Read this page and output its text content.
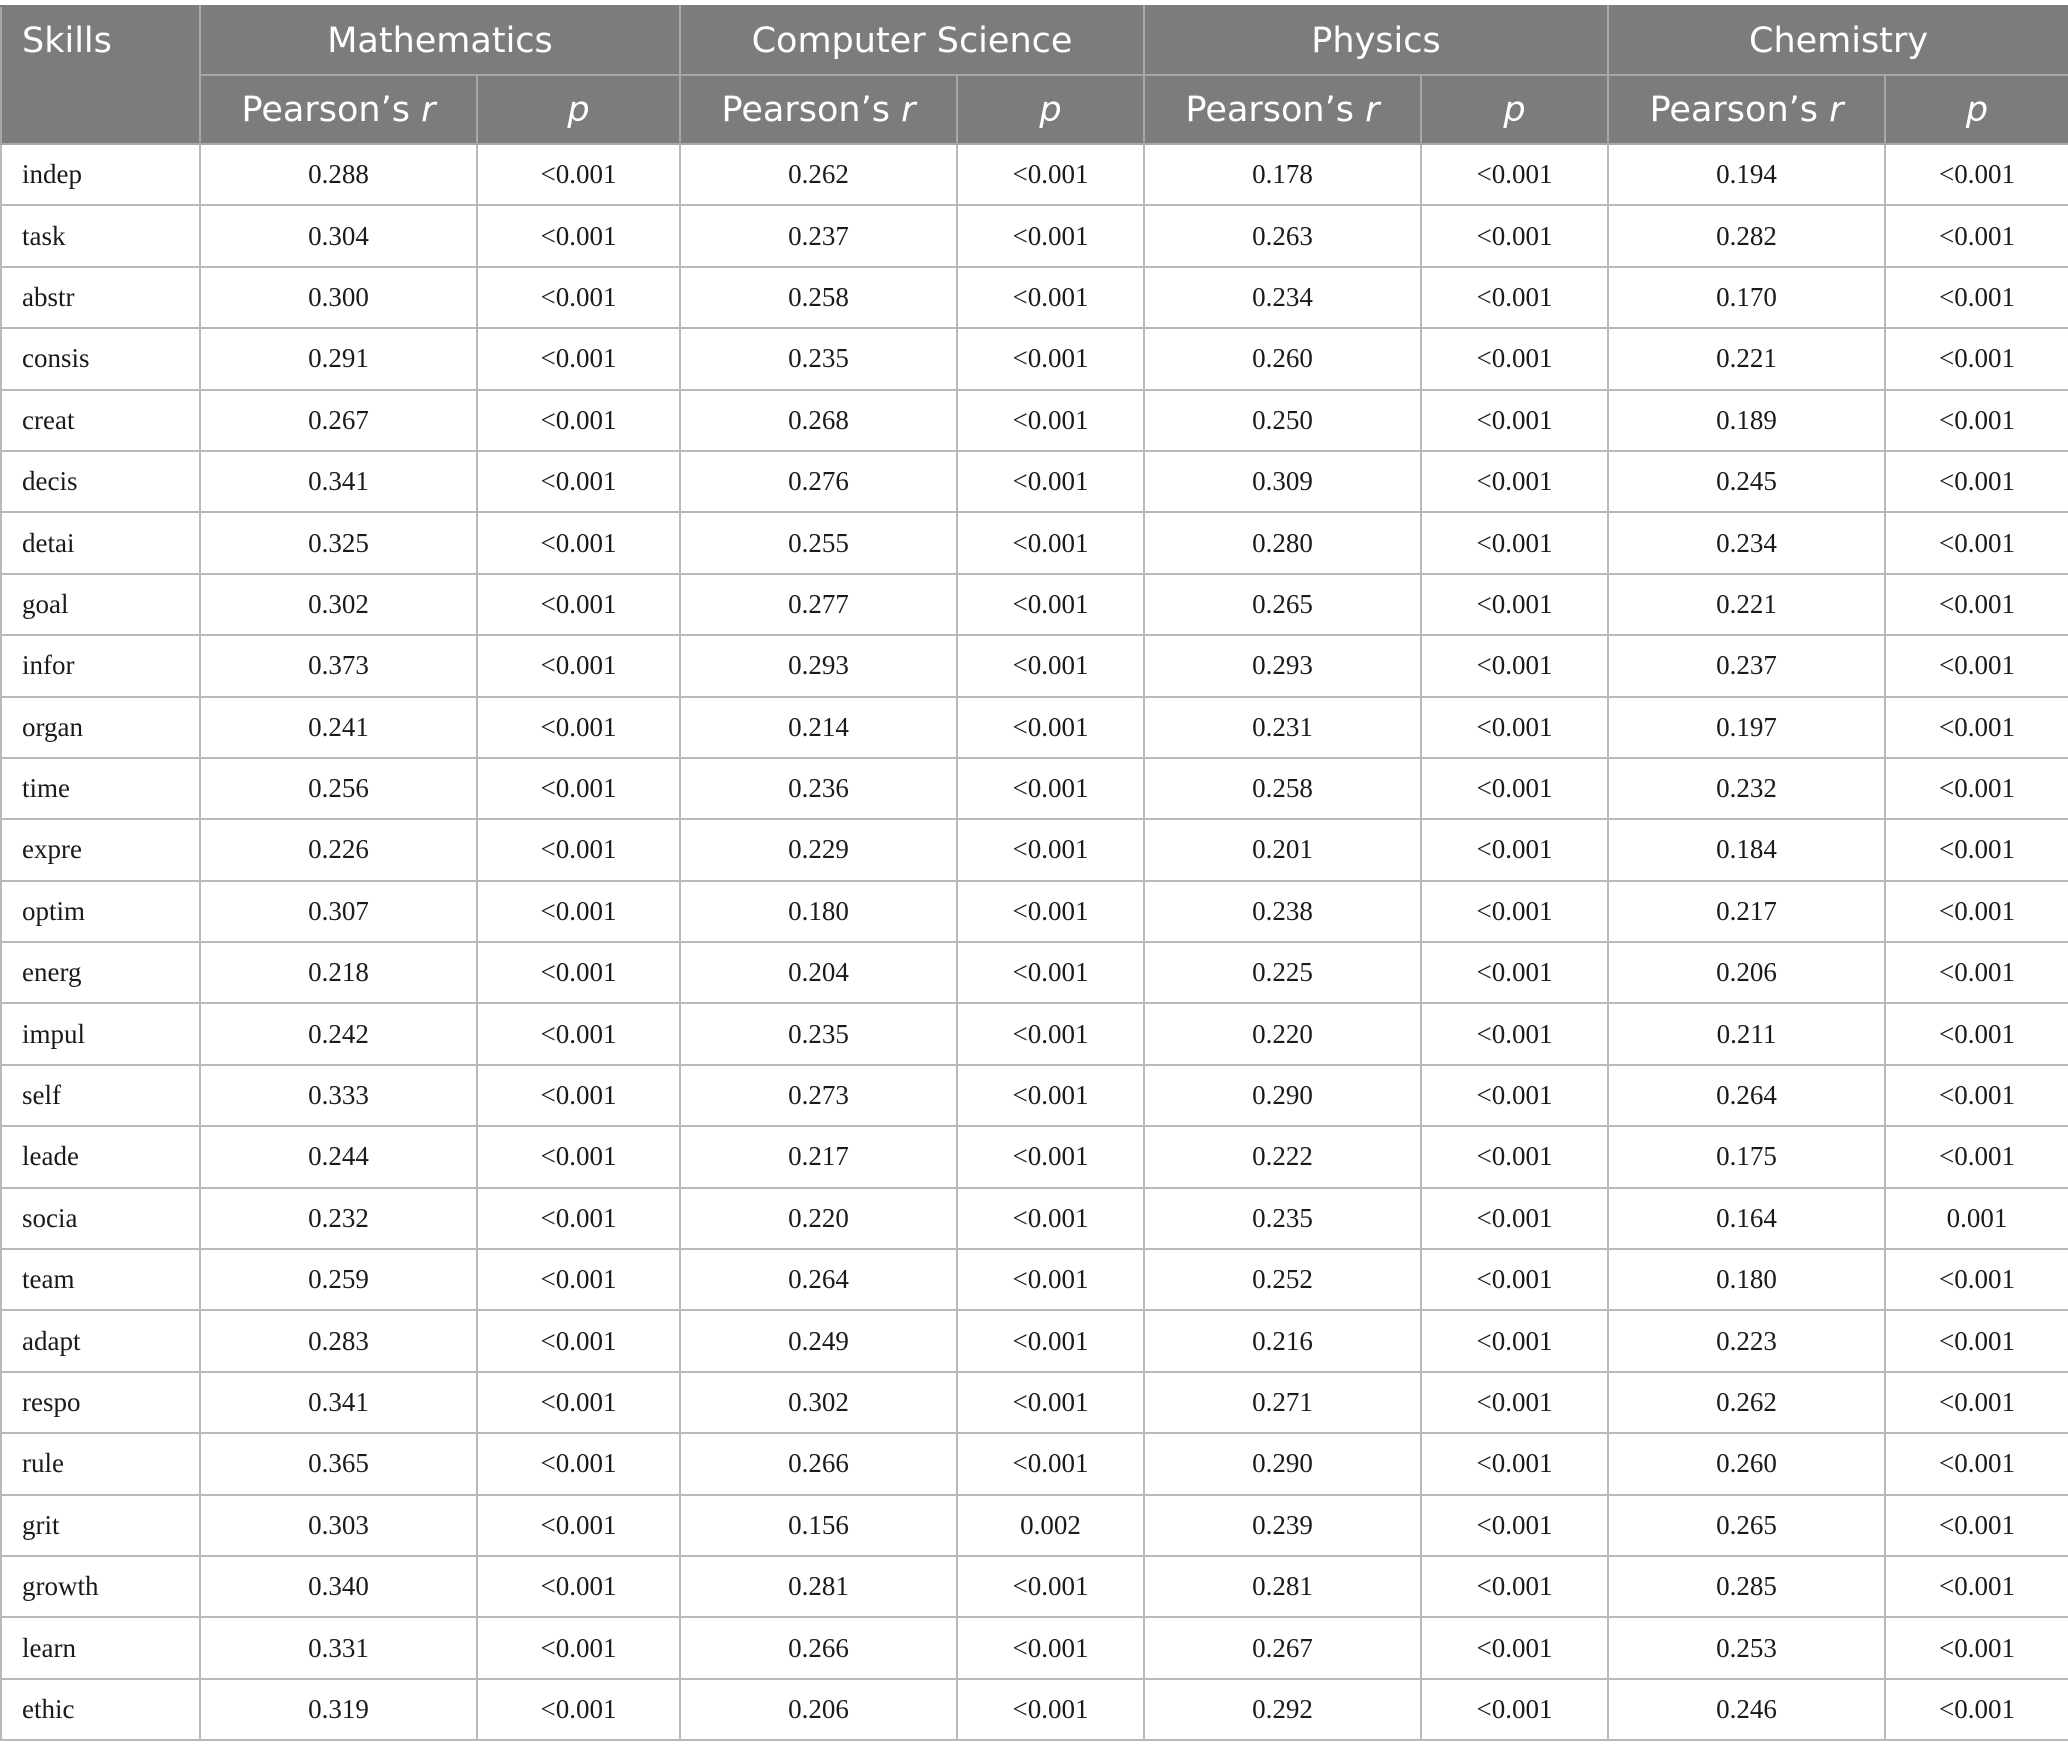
Skills	Mathematics		Computer Science		Physics		Chemistry	
	Pearson’s r	p	Pearson’s r	p	Pearson’s r	p	Pearson’s r	p
indep	0.288	<0.001	0.262	<0.001	0.178	<0.001	0.194	<0.001
task	0.304	<0.001	0.237	<0.001	0.263	<0.001	0.282	<0.001
abstr	0.300	<0.001	0.258	<0.001	0.234	<0.001	0.170	<0.001
consis	0.291	<0.001	0.235	<0.001	0.260	<0.001	0.221	<0.001
creat	0.267	<0.001	0.268	<0.001	0.250	<0.001	0.189	<0.001
decis	0.341	<0.001	0.276	<0.001	0.309	<0.001	0.245	<0.001
detai	0.325	<0.001	0.255	<0.001	0.280	<0.001	0.234	<0.001
goal	0.302	<0.001	0.277	<0.001	0.265	<0.001	0.221	<0.001
infor	0.373	<0.001	0.293	<0.001	0.293	<0.001	0.237	<0.001
organ	0.241	<0.001	0.214	<0.001	0.231	<0.001	0.197	<0.001
time	0.256	<0.001	0.236	<0.001	0.258	<0.001	0.232	<0.001
expre	0.226	<0.001	0.229	<0.001	0.201	<0.001	0.184	<0.001
optim	0.307	<0.001	0.180	<0.001	0.238	<0.001	0.217	<0.001
energ	0.218	<0.001	0.204	<0.001	0.225	<0.001	0.206	<0.001
impul	0.242	<0.001	0.235	<0.001	0.220	<0.001	0.211	<0.001
self	0.333	<0.001	0.273	<0.001	0.290	<0.001	0.264	<0.001
leade	0.244	<0.001	0.217	<0.001	0.222	<0.001	0.175	<0.001
socia	0.232	<0.001	0.220	<0.001	0.235	<0.001	0.164	0.001
team	0.259	<0.001	0.264	<0.001	0.252	<0.001	0.180	<0.001
adapt	0.283	<0.001	0.249	<0.001	0.216	<0.001	0.223	<0.001
respo	0.341	<0.001	0.302	<0.001	0.271	<0.001	0.262	<0.001
rule	0.365	<0.001	0.266	<0.001	0.290	<0.001	0.260	<0.001
grit	0.303	<0.001	0.156	0.002	0.239	<0.001	0.265	<0.001
growth	0.340	<0.001	0.281	<0.001	0.281	<0.001	0.285	<0.001
learn	0.331	<0.001	0.266	<0.001	0.267	<0.001	0.253	<0.001
ethic	0.319	<0.001	0.206	<0.001	0.292	<0.001	0.246	<0.001
